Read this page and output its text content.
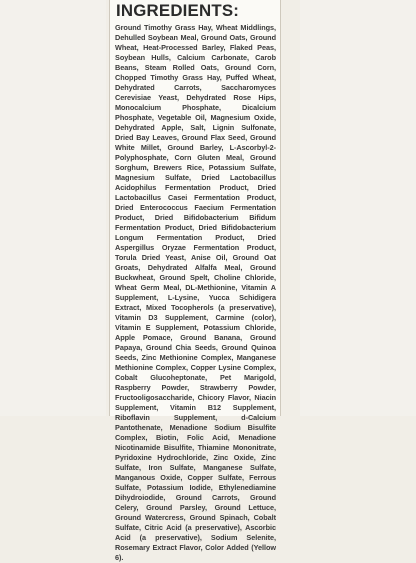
INGREDIENTS:

Ground Timothy Grass Hay, Wheat Middlings, Dehulled Soybean Meal, Ground Oats, Ground Wheat, Heat-Processed Barley, Flaked Peas, Soybean Hulls, Calcium Carbonate, Carob Beans, Steam Rolled Oats, Ground Corn, Chopped Timothy Grass Hay, Puffed Wheat, Dehydrated Carrots, Saccharomyces Cerevisiae Yeast, Dehydrated Rose Hips, Monocalcium Phosphate, Dicalcium Phosphate, Vegetable Oil, Magnesium Oxide, Dehydrated Apple, Salt, Lignin Sulfonate, Dried Bay Leaves, Ground Flax Seed, Ground White Millet, Ground Barley, L-Ascorbyl-2-Polyphosphate, Corn Gluten Meal, Ground Sorghum, Brewers Rice, Potassium Sulfate, Magnesium Sulfate, Dried Lactobacillus Acidophilus Fermentation Product, Dried Lactobacillus Casei Fermentation Product, Dried Enterococcus Faecium Fermentation Product, Dried Bifidobacterium Bifidum Fermentation Product, Dried Bifidobacterium Longum Fermentation Product, Dried Aspergillus Oryzae Fermentation Product, Torula Dried Yeast, Anise Oil, Ground Oat Groats, Dehydrated Alfalfa Meal, Ground Buckwheat, Ground Spelt, Choline Chloride, Wheat Germ Meal, DL-Methionine, Vitamin A Supplement, L-Lysine, Yucca Schidigera Extract, Mixed Tocopherols (a preservative), Vitamin D3 Supplement, Carmine (color), Vitamin E Supplement, Potassium Chloride, Apple Pomace, Ground Banana, Ground Papaya, Ground Chia Seeds, Ground Quinoa Seeds, Zinc Methionine Complex, Manganese Methionine Complex, Copper Lysine Complex, Cobalt Glucoheptonate, Pet Marigold, Raspberry Powder, Strawberry Powder, Fructooligosaccharide, Chicory Flavor, Niacin Supplement, Vitamin B12 Supplement, Riboflavin Supplement, d-Calcium Pantothenate, Menadione Sodium Bisulfite Complex, Biotin, Folic Acid, Menadione Nicotinamide Bisulfite, Thiamine Mononitrate, Pyridoxine Hydrochloride, Zinc Oxide, Zinc Sulfate, Iron Sulfate, Manganese Sulfate, Manganous Oxide, Copper Sulfate, Ferrous Sulfate, Potassium Iodide, Ethylenediamine Dihydroiodide, Ground Carrots, Ground Celery, Ground Parsley, Ground Lettuce, Ground Watercress, Ground Spinach, Cobalt Sulfate, Citric Acid (a preservative), Ascorbic Acid (a preservative), Sodium Selenite, Rosemary Extract Flavor, Color Added (Yellow 6).
